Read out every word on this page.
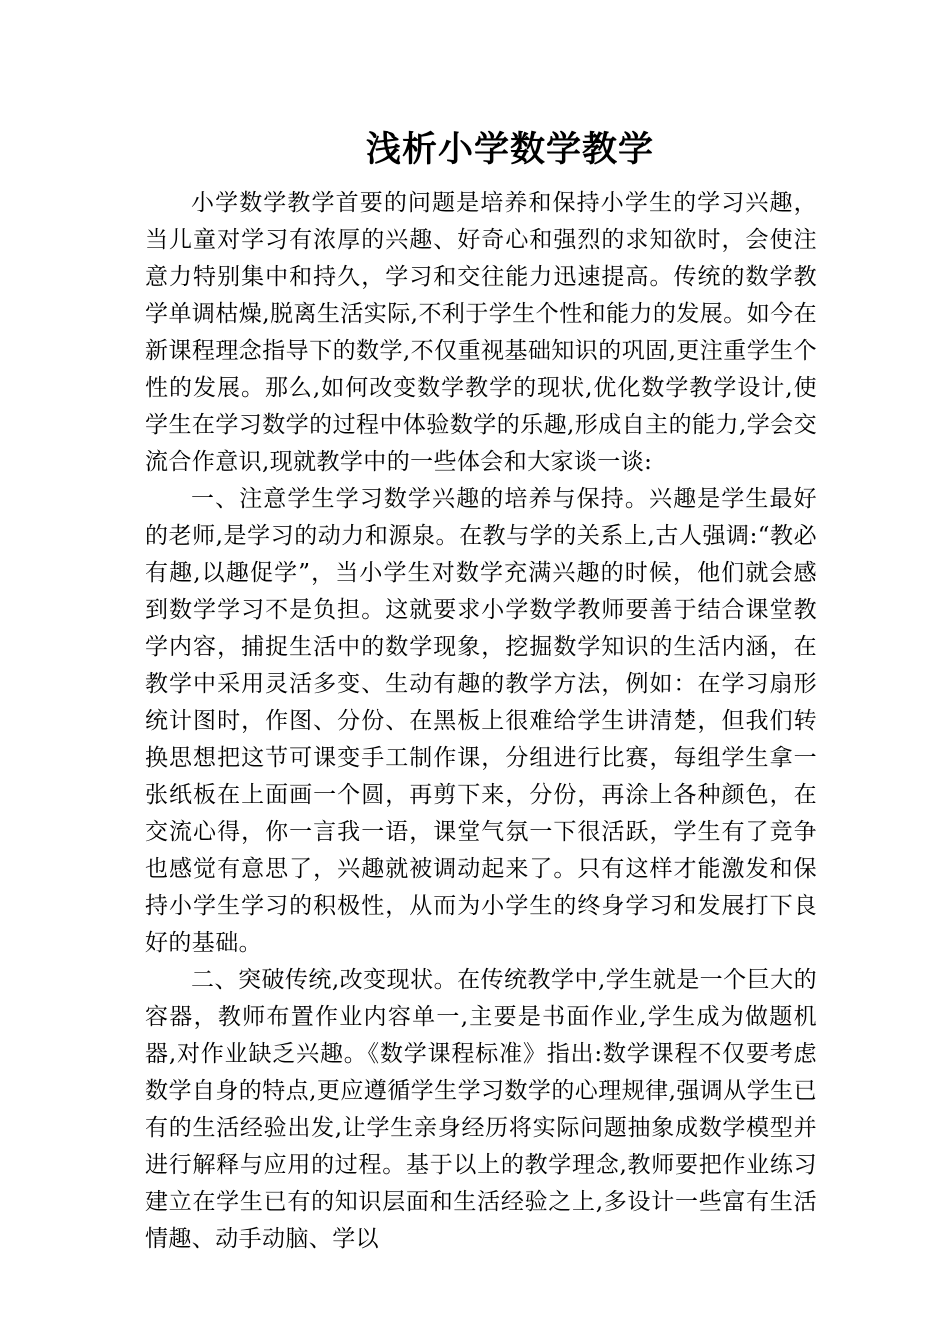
浅析小学数学教学

小学数学教学首要的问题是培养和保持小学生的学习兴趣，当儿童对学习有浓厚的兴趣、好奇心和强烈的求知欲时，会使注意力特别集中和持久，学习和交往能力迅速提高。传统的数学教学单调枯燥,脱离生活实际,不利于学生个性和能力的发展。如今在新课程理念指导下的数学,不仅重视基础知识的巩固,更注重学生个性的发展。那么,如何改变数学教学的现状,优化数学教学设计,使学生在学习数学的过程中体验数学的乐趣,形成自主的能力,学会交流合作意识,现就教学中的一些体会和大家谈一谈:

一、注意学生学习数学兴趣的培养与保持。兴趣是学生最好的老师,是学习的动力和源泉。在教与学的关系上,古人强调:“教必有趣,以趣促学”，当小学生对数学充满兴趣的时候，他们就会感到数学学习不是负担。这就要求小学数学教师要善于结合课堂教学内容，捕捉生活中的数学现象，挖掘数学知识的生活内涵，在教学中采用灵活多变、生动有趣的教学方法，例如：在学习扇形统计图时，作图、分份、在黑板上很难给学生讲清楚，但我们转换思想把这节可课变手工制作课，分组进行比赛，每组学生拿一张纸板在上面画一个圆，再剪下来，分份，再涂上各种颜色，在交流心得，你一言我一语，课堂气氛一下很活跃，学生有了竞争也感觉有意思了，兴趣就被调动起来了。只有这样才能激发和保持小学生学习的积极性，从而为小学生的终身学习和发展打下良好的基础。

二、突破传统,改变现状。在传统教学中,学生就是一个巨大的容器，教师布置作业内容单一,主要是书面作业,学生成为做题机器,对作业缺乏兴趣。《数学课程标准》指出:数学课程不仅要考虑数学自身的特点,更应遵循学生学习数学的心理规律,强调从学生已有的生活经验出发,让学生亲身经历将实际问题抽象成数学模型并进行解释与应用的过程。基于以上的教学理念,教师要把作业练习建立在学生已有的知识层面和生活经验之上,多设计一些富有生活情趣、动手动脑、学以
